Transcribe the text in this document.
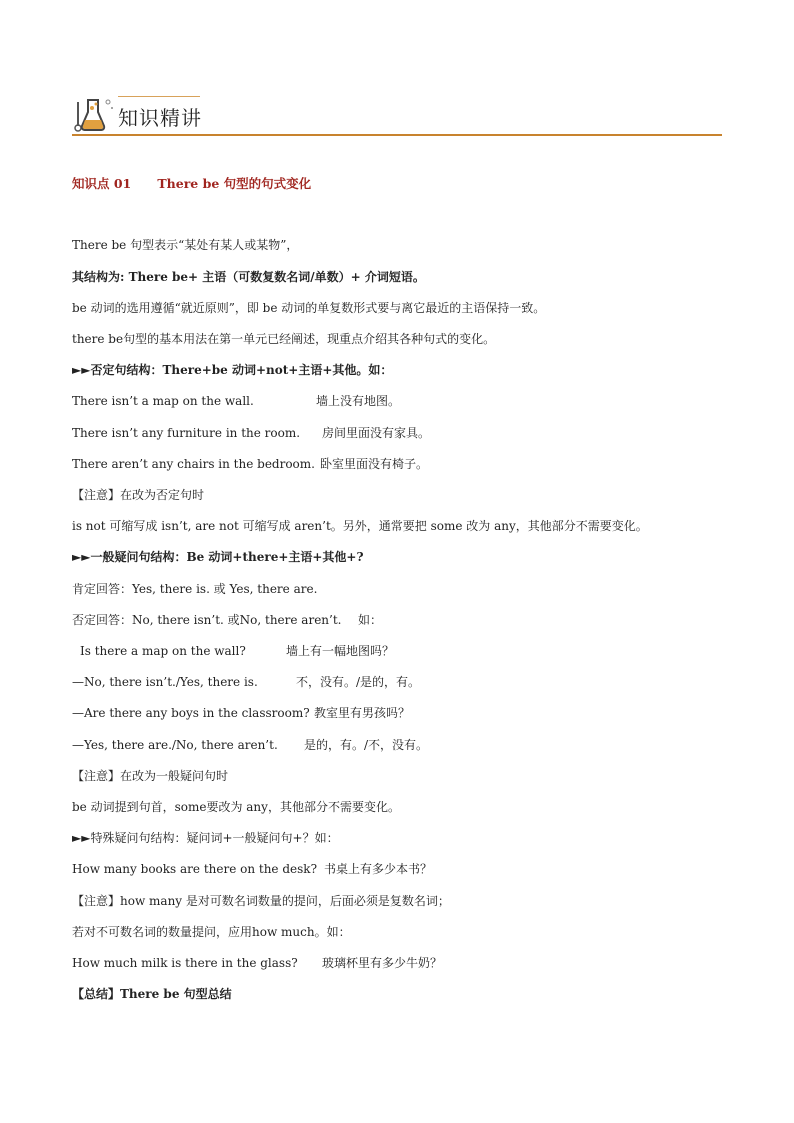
知识精讲
知识点 01      There be 句型的句式变化
There be 句型表示“某处有某人或某物”，
其结构为: There be+ 主语（可数复数名词/单数）+ 介词短语。
be 动词的选用遵循“就近原则”，即 be 动词的单复数形式要与离它最近的主语保持一致。
there be句型的基本用法在第一单元已经阐述，现重点介绍其各种句式的变化。
►►否定句结构：There+be 动词+not+主语+其他。如：
There isn’t a map on the wall.	墙上没有地图。
There isn’t any furniture in the room. 房间里面没有家具。
There aren’t any chairs in the bedroom. 卧室里面没有椅子。
【注意】在改为否定句时
is not 可缩写成 isn’t, are not 可缩写成 aren’t。另外，通常要把 some 改为 any，其他部分不需要变化。
►►一般疑问句结构：Be 动词+there+主语+其他+?
肯定回答：Yes, there is. 或 Yes, there are.
否定回答：No, there isn’t. 或No, there aren’t. 如：
Is there a map on the wall?	墙上有一幅地图吗？
—No, there isn’t./Yes, there is.	不，没有。/是的，有。
—Are there any boys in the classroom? 教室里有男孩吗？
—Yes, there are./No, there aren’t. 是的，有。/不，没有。
【注意】在改为一般疑问句时
be 动词提到句首，some要改为 any，其他部分不需要变化。
►►特殊疑问句结构：疑问词+一般疑问句+？如：
How many books are there on the desk? 书桌上有多少本书？
【注意】how many 是对可数名词数量的提问，后面必须是复数名词；
若对不可数名词的数量提问，应用how much。如：
How much milk is there in the glass? 玻璃杯里有多少牛奶？
【总结】There be 句型总结
